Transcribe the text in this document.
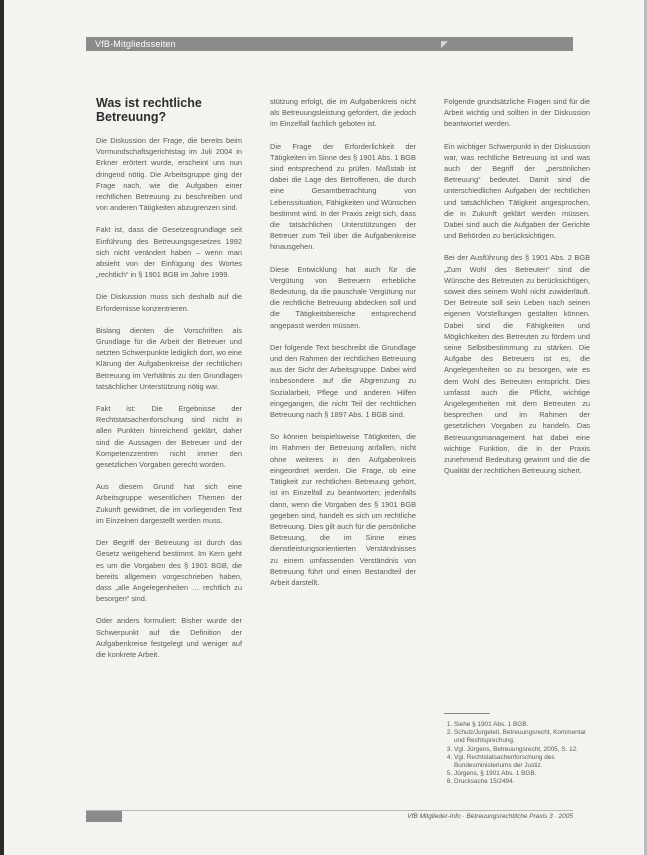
VfB-Mitgliedsseiten	◤
Was ist rechtliche Betreuung?

Die Diskussion der Frage, die bereits beim Vormundschaftsgerichtstag im Juli 2004 in Erkner erörtert wurde, erscheint uns nun dringend nötig. Die Arbeitsgruppe ging der Frage nach, wie die Aufgaben einer rechtlichen Betreuung zu beschreiben und von anderen Tätigkeiten abzugrenzen sind.

Fakt ist, dass die Gesetzesgrundlage seit Einführung des Betreuungsgesetzes 1992 sich nicht verändert haben – wenn man absieht von der Einfügung des Wortes „rechtlich“ in § 1901 BGB im Jahre 1999.

Die Diskussion muss sich deshalb auf die Erfordernisse konzentrieren.

Bislang dienten die Vorschriften als Grundlage für die Arbeit der Betreuer und setzten Schwerpunkte lediglich dort, wo eine Klärung der Aufgabenkreise der rechtlichen Betreuung im Verhältnis zu den Grundlagen tatsächlicher Unterstützung nötig war.

Fakt ist: Die Ergebnisse der Rechtstatsachenforschung sind nicht in allen Punkten hinreichend geklärt, daher sind die Aussagen der Betreuer und der Kompetenzzentren nicht immer den gesetzlichen Vorgaben gerecht worden.

Aus diesem Grund hat sich eine Arbeitsgruppe wesentlichen Themen der Zukunft gewidmet, die im vorliegenden Text im Einzelnen dargestellt werden muss.

Der Begriff der Betreuung ist durch das Gesetz weitgehend bestimmt. Im Kern geht es um die Vorgaben des § 1901 BGB, die bereits allgemein vorgeschrieben haben, dass „alle Angelegenheiten … rechtlich zu besorgen“ sind.

Oder anders formuliert: Bisher wurde der Schwerpunkt auf die Definition der Aufgabenkreise festgelegt und weniger auf die konkrete Arbeit.

stützung erfolgt, die im Aufgabenkreis nicht als Betreuungsleistung gefordert, die jedoch im Einzelfall fachlich geboten ist.

Die Frage der Erforderlichkeit der Tätigkeiten im Sinne des § 1901 Abs. 1 BGB sind entsprechend zu prüfen. Maßstab ist dabei die Lage des Betroffenen, die durch eine Gesamtbetrachtung von Lebenssituation, Fähigkeiten und Wünschen bestimmt wird. In der Praxis zeigt sich, dass die tatsächlichen Unterstützungen der Betreuer zum Teil über die Aufgabenkreise hinausgehen.

Diese Entwicklung hat auch für die Vergütung von Betreuern erhebliche Bedeutung, da die pauschale Vergütung nur die rechtliche Betreuung abdecken soll und die Tätigkeitsbereiche entsprechend angepasst werden müssen.

Der folgende Text beschreibt die Grundlage und den Rahmen der rechtlichen Betreuung aus der Sicht der Arbeitsgruppe. Dabei wird insbesondere auf die Abgrenzung zu Sozialarbeit, Pflege und anderen Hilfen eingegangen, die nicht Teil der rechtlichen Betreuung nach § 1897 Abs. 1 BGB sind.

So können beispielsweise Tätigkeiten, die im Rahmen der Betreuung anfallen, nicht ohne weiteres in den Aufgabenkreis eingeordnet werden. Die Frage, ob eine Tätigkeit zur rechtlichen Betreuung gehört, ist im Einzelfall zu beantworten; jedenfalls dann, wenn die Vorgaben des § 1901 BGB gegeben sind, handelt es sich um rechtliche Betreuung. Dies gilt auch für die persönliche Betreuung, die im Sinne eines dienstleistungsorientierten Verständnisses zu einem umfassenden Verständnis von Betreuung führt und einen Bestandteil der Arbeit darstellt.

Folgende grundsätzliche Fragen sind für die Arbeit wichtig und sollten in der Diskussion beantwortet werden.

Ein wichtiger Schwerpunkt in der Diskussion war, was rechtliche Betreuung ist und was auch der Begriff der „persönlichen Betreuung“ bedeutet. Damit sind die unterschiedlichen Aufgaben der rechtlichen und tatsächlichen Tätigkeit angesprochen, die in Zukunft geklärt werden müssen. Dabei sind auch die Aufgaben der Gerichte und Behörden zu berücksichtigen.

Bei der Ausführung des § 1901 Abs. 2 BGB „Zum Wohl des Betreuten“ sind die Wünsche des Betreuten zu berücksichtigen, soweit dies seinem Wohl nicht zuwiderläuft. Der Betreute soll sein Leben nach seinen eigenen Vorstellungen gestalten können. Dabei sind die Fähigkeiten und Möglichkeiten des Betreuten zu fördern und seine Selbstbestimmung zu stärken. Die Aufgabe des Betreuers ist es, die Angelegenheiten so zu besorgen, wie es dem Wohl des Betreuten entspricht. Dies umfasst auch die Pflicht, wichtige Angelegenheiten mit dem Betreuten zu besprechen und im Rahmen der gesetzlichen Vorgaben zu handeln. Das Betreuungsmanagement hat dabei eine wichtige Funktion, die in der Praxis zunehmend Bedeutung gewinnt und die die Qualität der rechtlichen Betreuung sichert.

1. Siehe § 1901 Abs. 1 BGB.
2. Schulz/Jurgeleit, Betreuungsrecht, Kommentar und Rechtsprechung.
3. Vgl. Jürgens, Betreuungsrecht, 2005, S. 12.
4. Vgl. Rechtstatsachenforschung des Bundesministeriums der Justiz.
5. Jürgens, § 1901 Abs. 1 BGB.
6. Drucksache 15/2494.
VfB Mitglieder-Info · Betreuungsrechtliche Praxis 3 · 2005
